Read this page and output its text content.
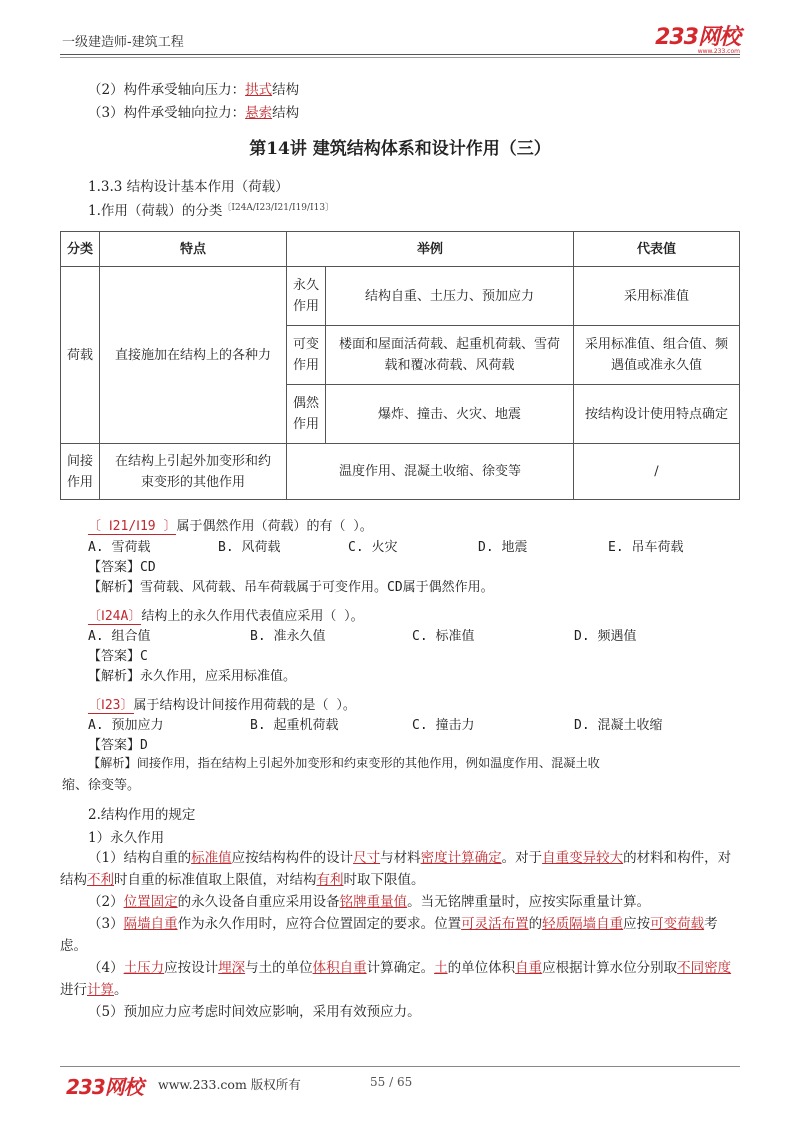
一级建造师-建筑工程	233网校
www.233.com
（2）构件承受轴向压力：拱式结构
（3）构件承受轴向拉力：悬索结构
第14讲 建筑结构体系和设计作用（三）
1.3.3 结构设计基本作用（荷载）
1.作用（荷载）的分类$^{〔Ⅰ24A/Ⅰ23/Ⅰ21/Ⅰ19/Ⅰ13〕}$
分类	特点	举例		代表值
荷载	直接施加在结构上的各种力	永久作用	结构自重、土压力、预加应力	采用标准值
		可变作用	楼面和屋面活荷载、起重机荷载、雪荷载和覆冰荷载、风荷载	采用标准值、组合值、频遇值或准永久值
		偶然作用	爆炸、撞击、火灾、地震	按结构设计使用特点确定
间接作用	在结构上引起外加变形和约束变形的其他作用	温度作用、混凝土收缩、徐变等		/
〔 Ⅰ21/Ⅰ19 〕属于偶然作用（荷载）的有（ ）。
A. 雪荷载	B. 风荷载	C. 火灾	D. 地震	E. 吊车荷载
【答案】CD
【解析】雪荷载、风荷载、吊车荷载属于可变作用。CD属于偶然作用。
〔Ⅰ24A〕结构上的永久作用代表值应采用（ ）。
A. 组合值	B. 准永久值	C. 标准值	D. 频遇值
【答案】C
【解析】永久作用，应采用标准值。
〔Ⅰ23〕属于结构设计间接作用荷载的是（ ）。
A. 预加应力	B. 起重机荷载	C. 撞击力	D. 混凝土收缩
【答案】D
【解析】间接作用，指在结构上引起外加变形和约束变形的其他作用，例如温度作用、混凝土收
缩、徐变等。
2.结构作用的规定
1）永久作用
（1）结构自重的标准值应按结构构件的设计尺寸与材料密度计算确定。对于自重变异较大的材料和构件，对结构不利时自重的标准值取上限值，对结构有利时取下限值。
（2）位置固定的永久设备自重应采用设备铭牌重量值。当无铭牌重量时，应按实际重量计算。
（3）隔墙自重作为永久作用时，应符合位置固定的要求。位置可灵活布置的轻质隔墙自重应按可变荷载考虑。
（4）土压力应按设计埋深与土的单位体积自重计算确定。土的单位体积自重应根据计算水位分别取不同密度进行计算。
（5）预加应力应考虑时间效应影响，采用有效预应力。
233网校 www.233.com 版权所有	55 / 65
